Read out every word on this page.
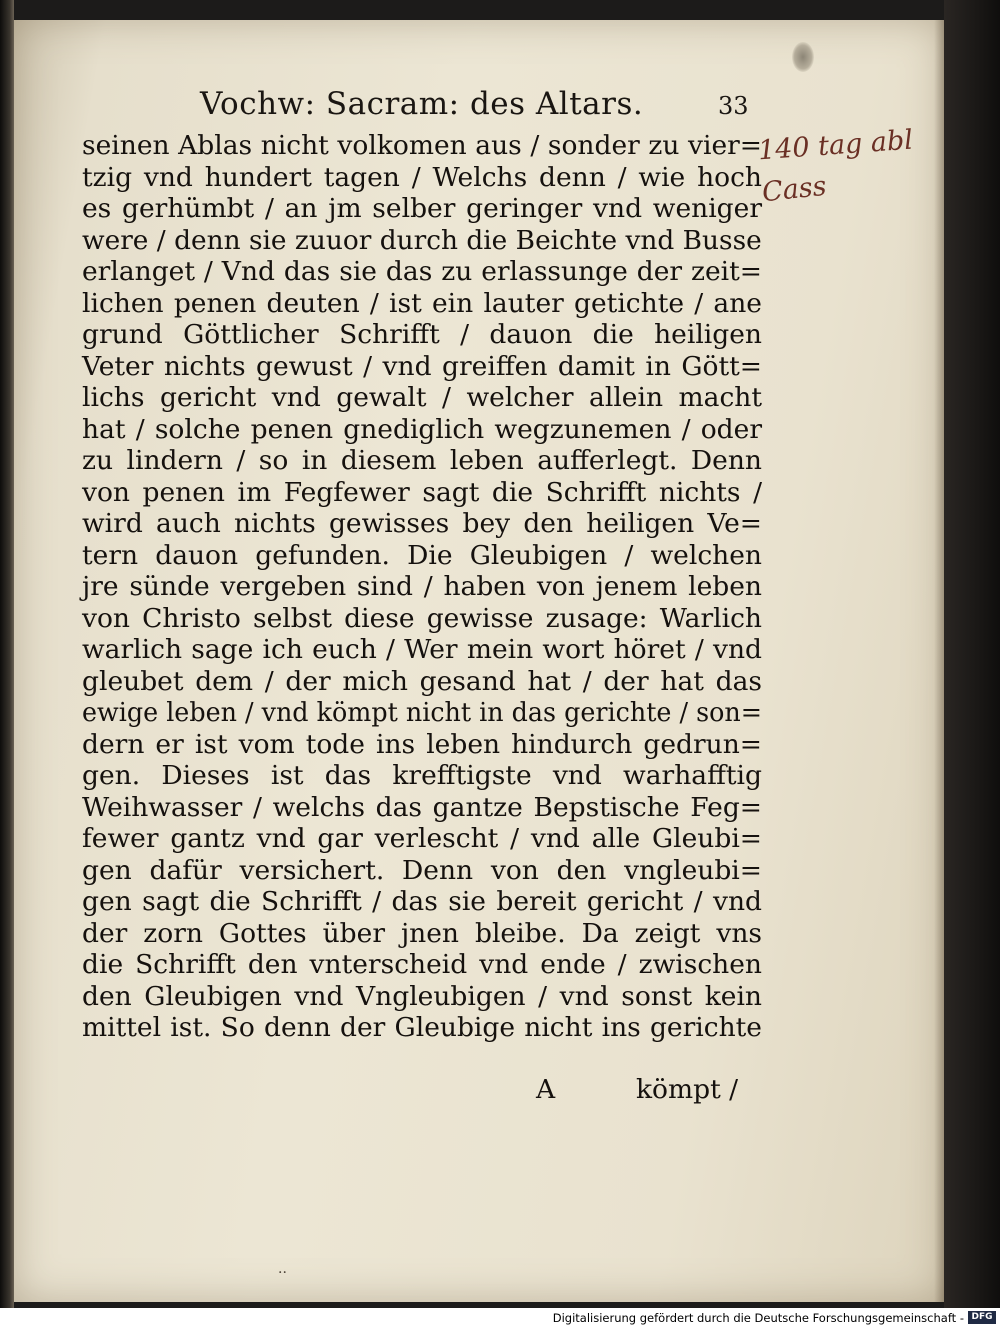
Vochw: Sacram: des Altars.	33
140 tag abl
Cass
seinen Ablas nicht volkomen aus / sonder zu vier=
tzig vnd hundert tagen / Welchs denn / wie hoch
es gerhümbt / an jm selber geringer vnd weniger
were / denn sie zuuor durch die Beichte vnd Busse
erlanget / Vnd das sie das zu erlassunge der zeit=
lichen penen deuten / ist ein lauter getichte / ane
grund Göttlicher Schrifft / dauon die heiligen
Veter nichts gewust / vnd greiffen damit in Gött=
lichs gericht vnd gewalt / welcher allein macht
hat / solche penen gnediglich wegzunemen / oder
zu lindern / so in diesem leben aufferlegt. Denn
von penen im Fegfewer sagt die Schrifft nichts /
wird auch nichts gewisses bey den heiligen Ve=
tern dauon gefunden. Die Gleubigen / welchen
jre sünde vergeben sind / haben von jenem leben
von Christo selbst diese gewisse zusage: Warlich
warlich sage ich euch / Wer mein wort höret / vnd
gleubet dem / der mich gesand hat / der hat das
ewige leben / vnd kömpt nicht in das gerichte / son=
dern er ist vom tode ins leben hindurch gedrun=
gen. Dieses ist das krefftigste vnd warhafftig
Weihwasser / welchs das gantze Bepstische Feg=
fewer gantz vnd gar verlescht / vnd alle Gleubi=
gen dafür versichert. Denn von den vngleubi=
gen sagt die Schrifft / das sie bereit gericht / vnd
der zorn Gottes über jnen bleibe. Da zeigt vns
die Schrifft den vnterscheid vnd ende / zwischen
den Gleubigen vnd Vngleubigen / vnd sonst kein
mittel ist. So denn der Gleubige nicht ins gerichte
A	kömpt /
··
Digitalisierung gefördert durch die Deutsche Forschungsgemeinschaft - DFG
